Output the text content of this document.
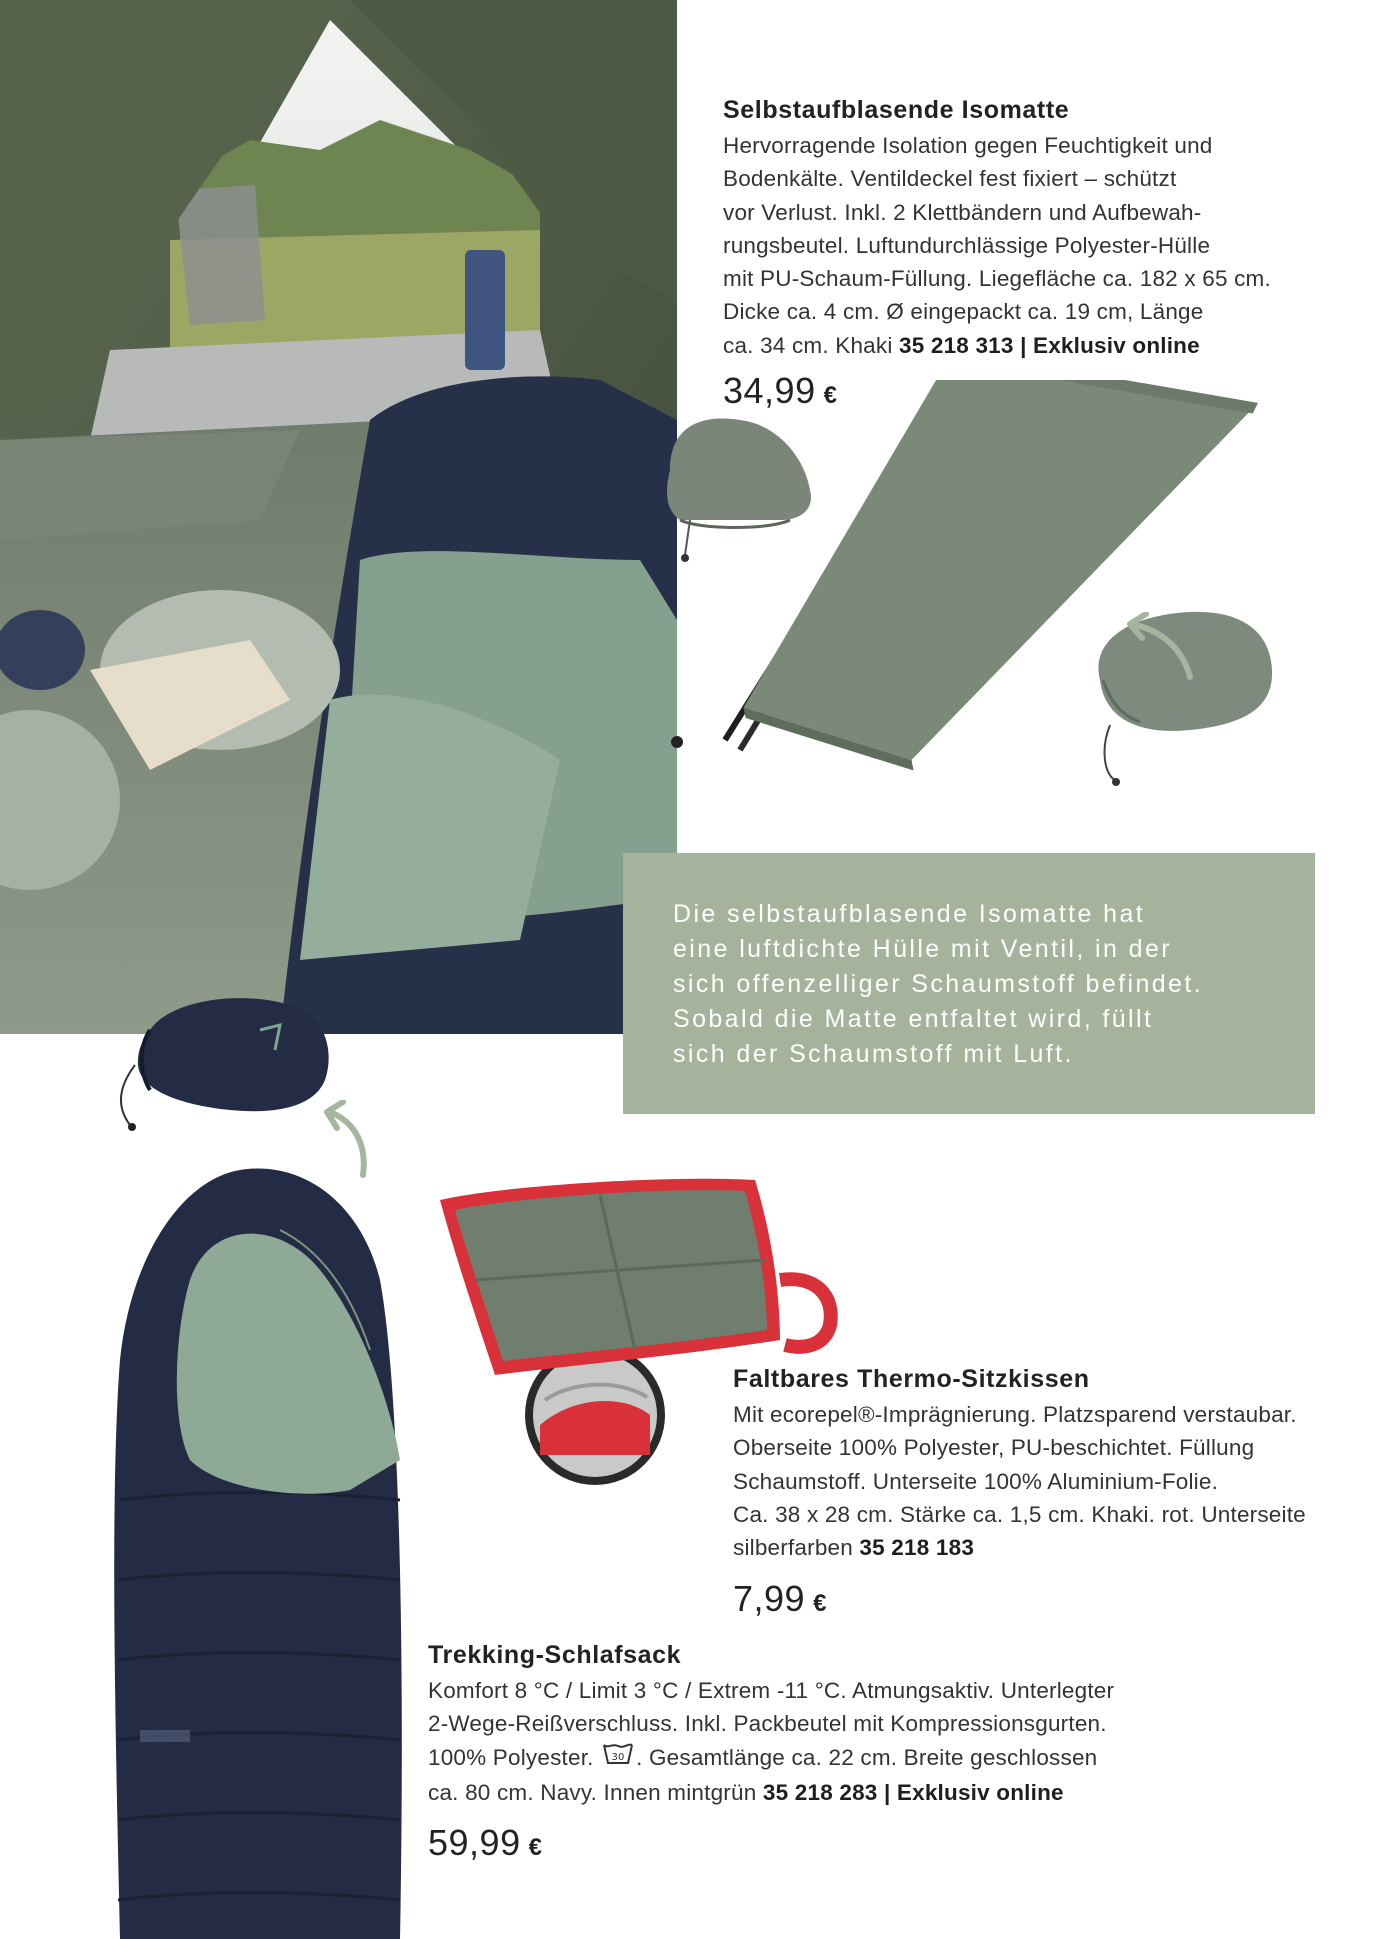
Die selbstaufblasende Isomatte hat
eine luftdichte Hülle mit Ventil, in der
sich offenzelliger Schaumstoff befindet.
Sobald die Matte entfaltet wird, füllt
sich der Schaumstoff mit Luft.
Selbstaufblasende Isomatte
Hervorragende Isolation gegen Feuchtigkeit und
Bodenkälte. Ventildeckel fest fixiert – schützt
vor Verlust. Inkl. 2 Klettbändern und Aufbewah-
rungsbeutel. Luftundurchlässige Polyester-Hülle
mit PU-Schaum-Füllung. Liegefläche ca. 182 x 65 cm.
Dicke ca. 4 cm. Ø eingepackt ca. 19 cm, Länge
ca. 34 cm. Khaki 35 218 313 | Exklusiv online
34,99 €
Faltbares Thermo-Sitzkissen
Mit ecorepel®-Imprägnierung. Platzsparend verstaubar.
Oberseite 100% Polyester, PU-beschichtet. Füllung
Schaumstoff. Unterseite 100% Aluminium-Folie.
Ca. 38 x 28 cm. Stärke ca. 1,5 cm. Khaki. rot. Unterseite
silberfarben 35 218 183
7,99 €
Trekking-Schlafsack
Komfort 8 °C / Limit 3 °C / Extrem -11 °C. Atmungsaktiv. Unterlegter
2-Wege-Reißverschluss. Inkl. Packbeutel mit Kompressionsgurten.
100% Polyester. 30 . Gesamtlänge ca. 22 cm. Breite geschlossen
ca. 80 cm. Navy. Innen mintgrün 35 218 283 | Exklusiv online
59,99 €
